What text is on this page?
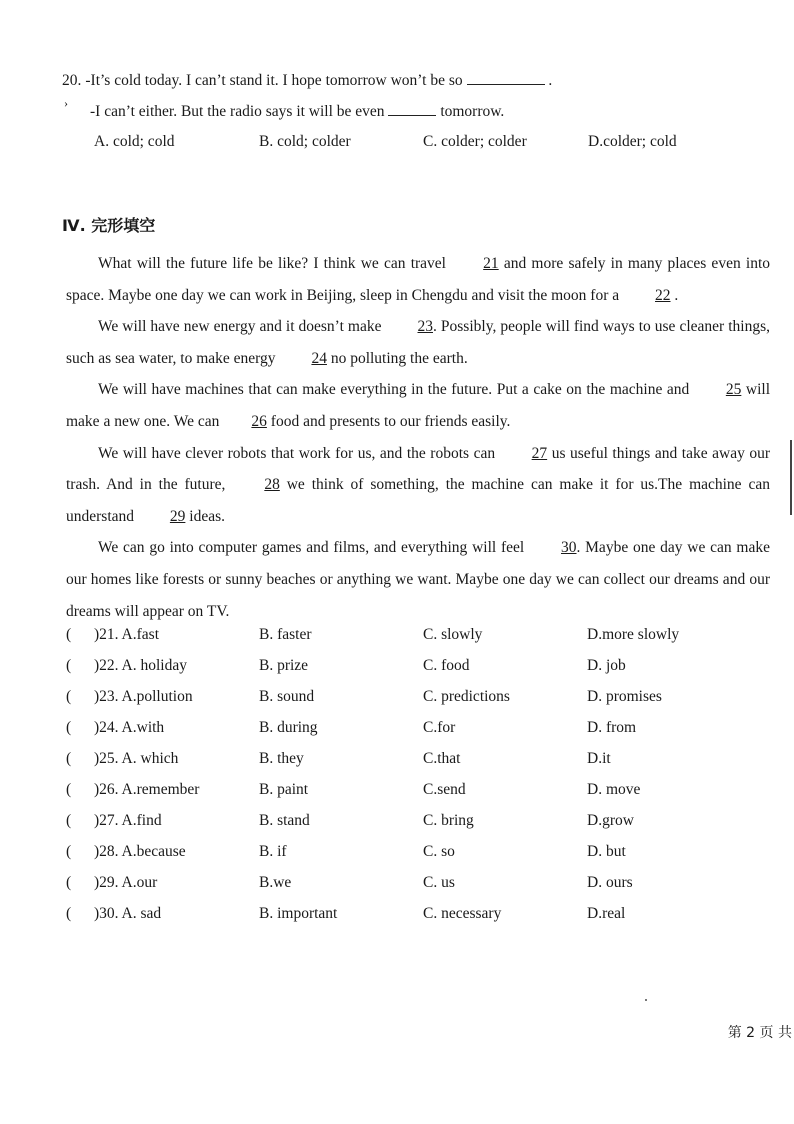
20. -It’s cold today. I can’t stand it. I hope tomorrow won’t be so	.
› -I can’t either. But the radio says it will be even	tomorrow.
A. cold; cold	B. cold; colder	C. colder; colder	D.colder; cold
Ⅳ. 完形填空

What will the future life be like? I think we can travel 21 and more safely in many places even into space. Maybe one day we can work in Beijing, sleep in Chengdu and visit the moon for a 22 .

We will have new energy and it doesn’t make 23. Possibly, people will find ways to use cleaner things, such as sea water, to make energy 24 no polluting the earth.

We will have machines that can make everything in the future. Put a cake on the machine and 25 will make a new one. We can 26 food and presents to our friends easily.

We will have clever robots that work for us, and the robots can 27 us useful things and take away our trash. And in the future,	28 we think of something, the machine can make it for us.The machine can understand 29 ideas.

We can go into computer games and films, and everything will feel 30. Maybe one day we can make our homes like forests or sunny beaches or anything we want. Maybe one day we can collect our dreams and our dreams will appear on TV.

( )21. A.fast	B. faster	C. slowly	D.more slowly
( )22. A. holiday	B. prize	C. food	D. job
( )23. A.pollution	B. sound	C. predictions	D. promises
( )24. A.with	B. during	C.for	D. from
( )25. A. which	B. they	C.that	D.it
( )26. A.remember	B. paint	C.send	D. move
( )27. A.find	B. stand	C. bring	D.grow
( )28. A.because	B. if	C. so	D. but
( )29. A.our	B.we	C. us	D. ours
( )30. A. sad	B. important	C. necessary	D.real
第 2 页 共
